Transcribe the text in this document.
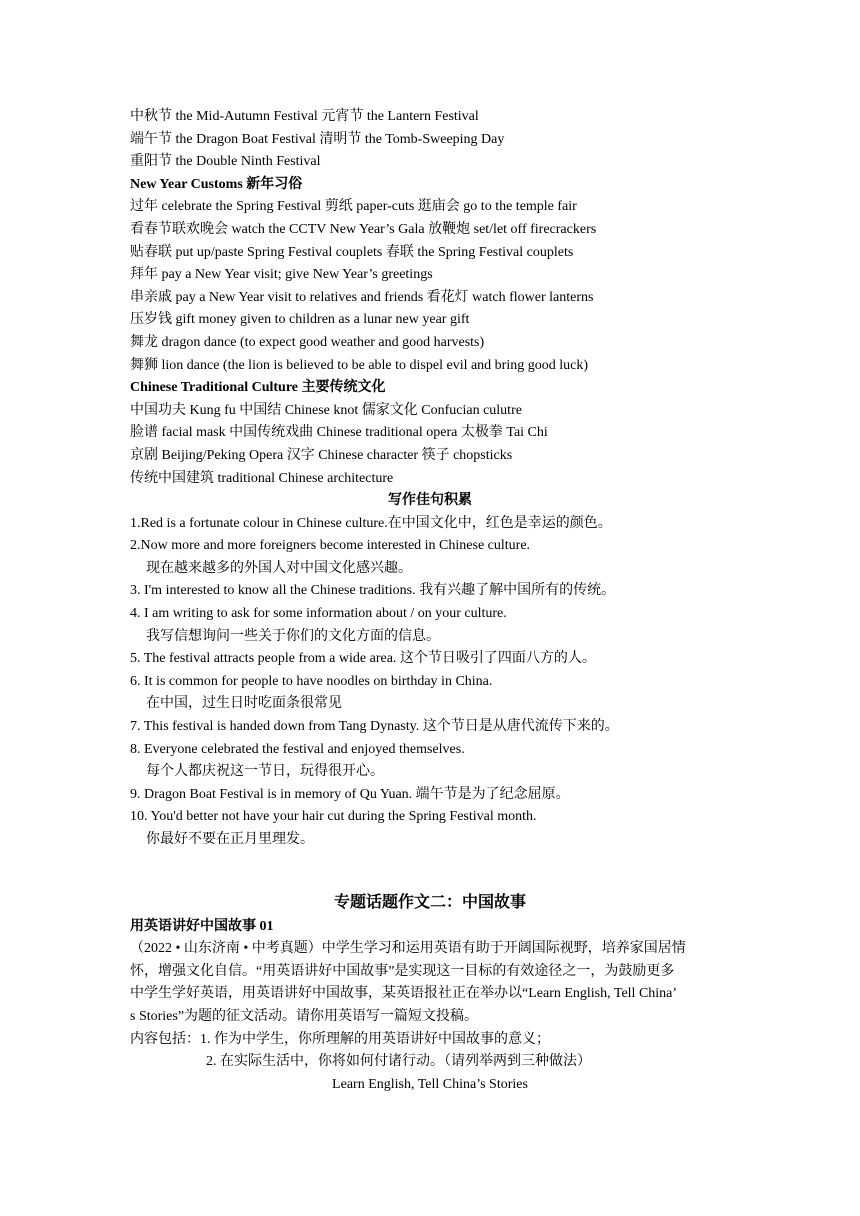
中秋节 the Mid-Autumn Festival 元宵节 the Lantern Festival
端午节 the Dragon Boat Festival 清明节 the Tomb-Sweeping Day
重阳节 the Double Ninth Festival
New Year Customs 新年习俗
过年 celebrate the Spring Festival 剪纸 paper-cuts 逛庙会 go to the temple fair
看春节联欢晚会 watch the CCTV New Year’s Gala 放鞭炮 set/let off firecrackers
贴春联 put up/paste Spring Festival couplets 春联 the Spring Festival couplets
拜年 pay a New Year visit; give New Year’s greetings
串亲戚 pay a New Year visit to relatives and friends 看花灯 watch flower lanterns
压岁钱 gift money given to children as a lunar new year gift
舞龙 dragon dance (to expect good weather and good harvests)
舞狮 lion dance (the lion is believed to be able to dispel evil and bring good luck)
Chinese Traditional Culture 主要传统文化
中国功夫 Kung fu 中国结 Chinese knot 儒家文化 Confucian culutre
脸谱 facial mask 中国传统戏曲 Chinese traditional opera 太极拳 Tai Chi
京剧 Beijing/Peking Opera 汉字 Chinese character 筷子 chopsticks
传统中国建筑 traditional Chinese architecture
写作佳句积累
1.Red is a fortunate colour in Chinese culture.在中国文化中，红色是幸运的颜色。
2.Now more and more foreigners become interested in Chinese culture.
现在越来越多的外国人对中国文化感兴趣。
3. I'm interested to know all the Chinese traditions. 我有兴趣了解中国所有的传统。
4. I am writing to ask for some information about / on your culture.
我写信想询问一些关于你们的文化方面的信息。
5. The festival attracts people from a wide area. 这个节日吸引了四面八方的人。
6. It is common for people to have noodles on birthday in China.
在中国，过生日时吃面条很常见
7. This festival is handed down from Tang Dynasty. 这个节日是从唐代流传下来的。
8. Everyone celebrated the festival and enjoyed themselves.
每个人都庆祝这一节日，玩得很开心。
9. Dragon Boat Festival is in memory of Qu Yuan. 端午节是为了纪念屈原。
10. You'd better not have your hair cut during the Spring Festival month.
你最好不要在正月里理发。
专题话题作文二：中国故事
用英语讲好中国故事 01
（2022 • 山东济南 • 中考真题）中学生学习和运用英语有助于开阔国际视野，培养家国居情
怀，增强文化自信。“用英语讲好中国故事”是实现这一目标的有效途径之一，为鼓励更多
中学生学好英语，用英语讲好中国故事，某英语报社正在举办以“Learn English, Tell China’
s Stories”为题的征文活动。请你用英语写一篇短文投稿。
内容包括：1. 作为中学生，你所理解的用英语讲好中国故事的意义；
2. 在实际生活中，你将如何付诸行动。（请列举两到三种做法）
Learn English, Tell China’s Stories
